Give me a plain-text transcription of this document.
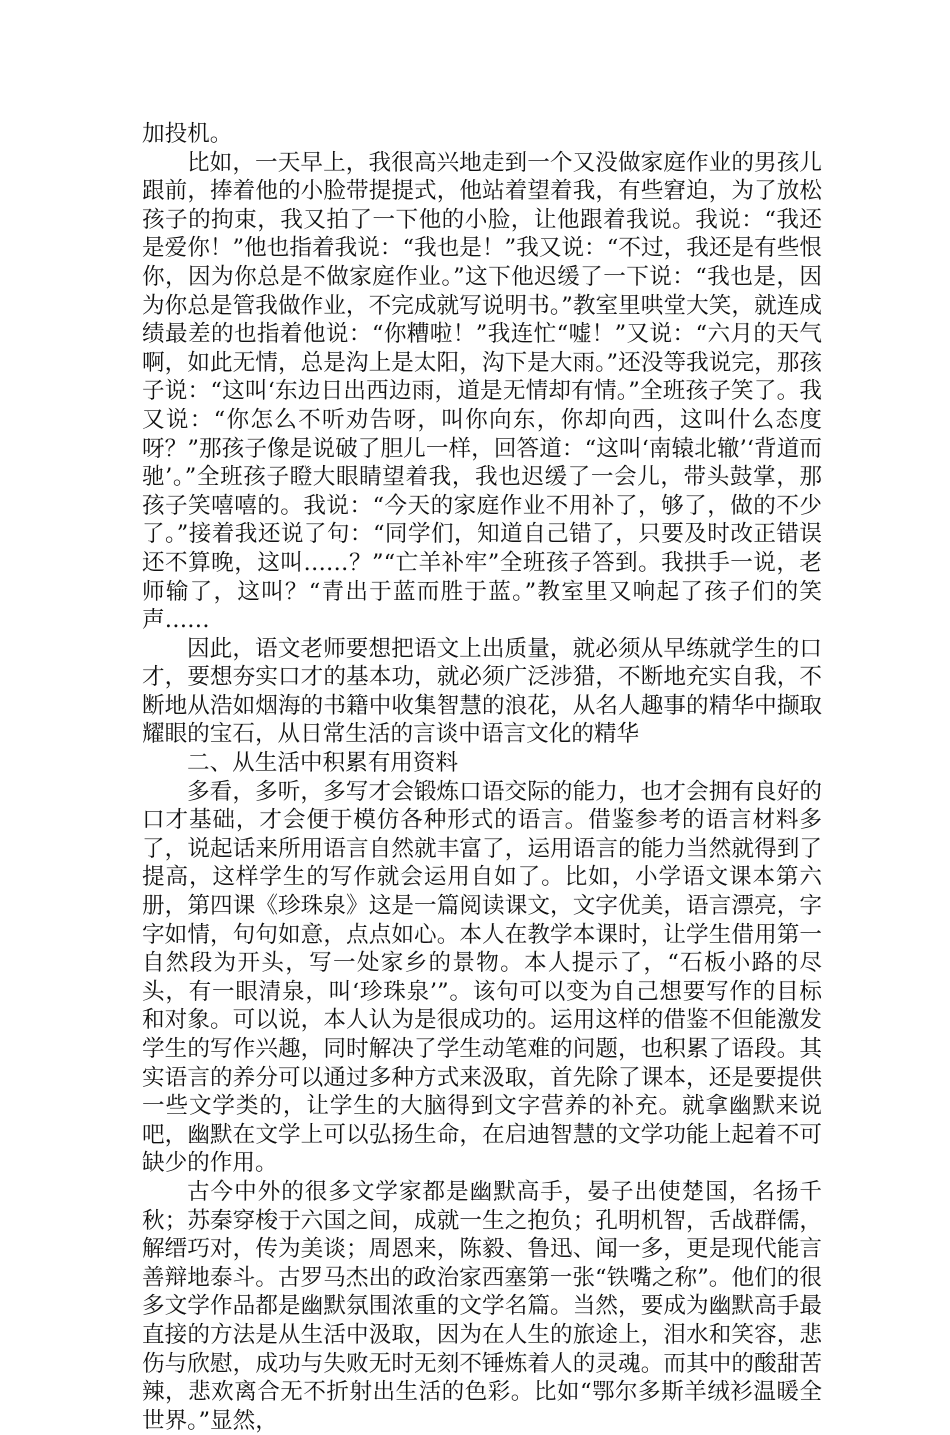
加投机。

比如，一天早上，我很高兴地走到一个又没做家庭作业的男孩儿跟前，捧着他的小脸带提提式，他站着望着我，有些窘迫，为了放松孩子的拘束，我又拍了一下他的小脸，让他跟着我说。我说：“我还是爱你！”他也指着我说：“我也是！”我又说：“不过，我还是有些恨你，因为你总是不做家庭作业。”这下他迟缓了一下说：“我也是，因为你总是管我做作业，不完成就写说明书。”教室里哄堂大笑，就连成绩最差的也指着他说：“你糟啦！”我连忙“嘘！”又说：“六月的天气啊，如此无情，总是沟上是太阳，沟下是大雨。”还没等我说完，那孩子说：“这叫‘东边日出西边雨，道是无情却有情。”全班孩子笑了。我又说：“你怎么不听劝告呀，叫你向东，你却向西，这叫什么态度呀？”那孩子像是说破了胆儿一样，回答道：“这叫‘南辕北辙’‘背道而驰’。”全班孩子瞪大眼睛望着我，我也迟缓了一会儿，带头鼓掌，那孩子笑嘻嘻的。我说：“今天的家庭作业不用补了，够了，做的不少了。”接着我还说了句：“同学们，知道自己错了，只要及时改正错误还不算晚，这叫……？”“亡羊补牢”全班孩子答到。我拱手一说，老师输了，这叫？“青出于蓝而胜于蓝。”教室里又响起了孩子们的笑声……

因此，语文老师要想把语文上出质量，就必须从早练就学生的口才，要想夯实口才的基本功，就必须广泛涉猎，不断地充实自我，不断地从浩如烟海的书籍中收集智慧的浪花，从名人趣事的精华中撷取耀眼的宝石，从日常生活的言谈中语言文化的精华

二、从生活中积累有用资料

多看，多听，多写才会锻炼口语交际的能力，也才会拥有良好的口才基础，才会便于模仿各种形式的语言。借鉴参考的语言材料多了，说起话来所用语言自然就丰富了，运用语言的能力当然就得到了提高，这样学生的写作就会运用自如了。比如，小学语文课本第六册，第四课《珍珠泉》这是一篇阅读课文，文字优美，语言漂亮，字字如情，句句如意，点点如心。本人在教学本课时，让学生借用第一自然段为开头，写一处家乡的景物。本人提示了，“石板小路的尽头，有一眼清泉，叫‘珍珠泉’”。该句可以变为自己想要写作的目标和对象。可以说，本人认为是很成功的。运用这样的借鉴不但能激发学生的写作兴趣，同时解决了学生动笔难的问题，也积累了语段。其实语言的养分可以通过多种方式来汲取，首先除了课本，还是要提供一些文学类的，让学生的大脑得到文字营养的补充。就拿幽默来说吧，幽默在文学上可以弘扬生命，在启迪智慧的文学功能上起着不可缺少的作用。

古今中外的很多文学家都是幽默高手，晏子出使楚国，名扬千秋；苏秦穿梭于六国之间，成就一生之抱负；孔明机智，舌战群儒，解缙巧对，传为美谈；周恩来，陈毅、鲁迅、闻一多，更是现代能言善辩地泰斗。古罗马杰出的政治家西塞第一张“铁嘴之称”。他们的很多文学作品都是幽默氛围浓重的文学名篇。当然，要成为幽默高手最直接的方法是从生活中汲取，因为在人生的旅途上，泪水和笑容，悲伤与欣慰，成功与失败无时无刻不锤炼着人的灵魂。而其中的酸甜苦辣，悲欢离合无不折射出生活的色彩。比如“鄂尔多斯羊绒衫温暖全世界。”显然，
